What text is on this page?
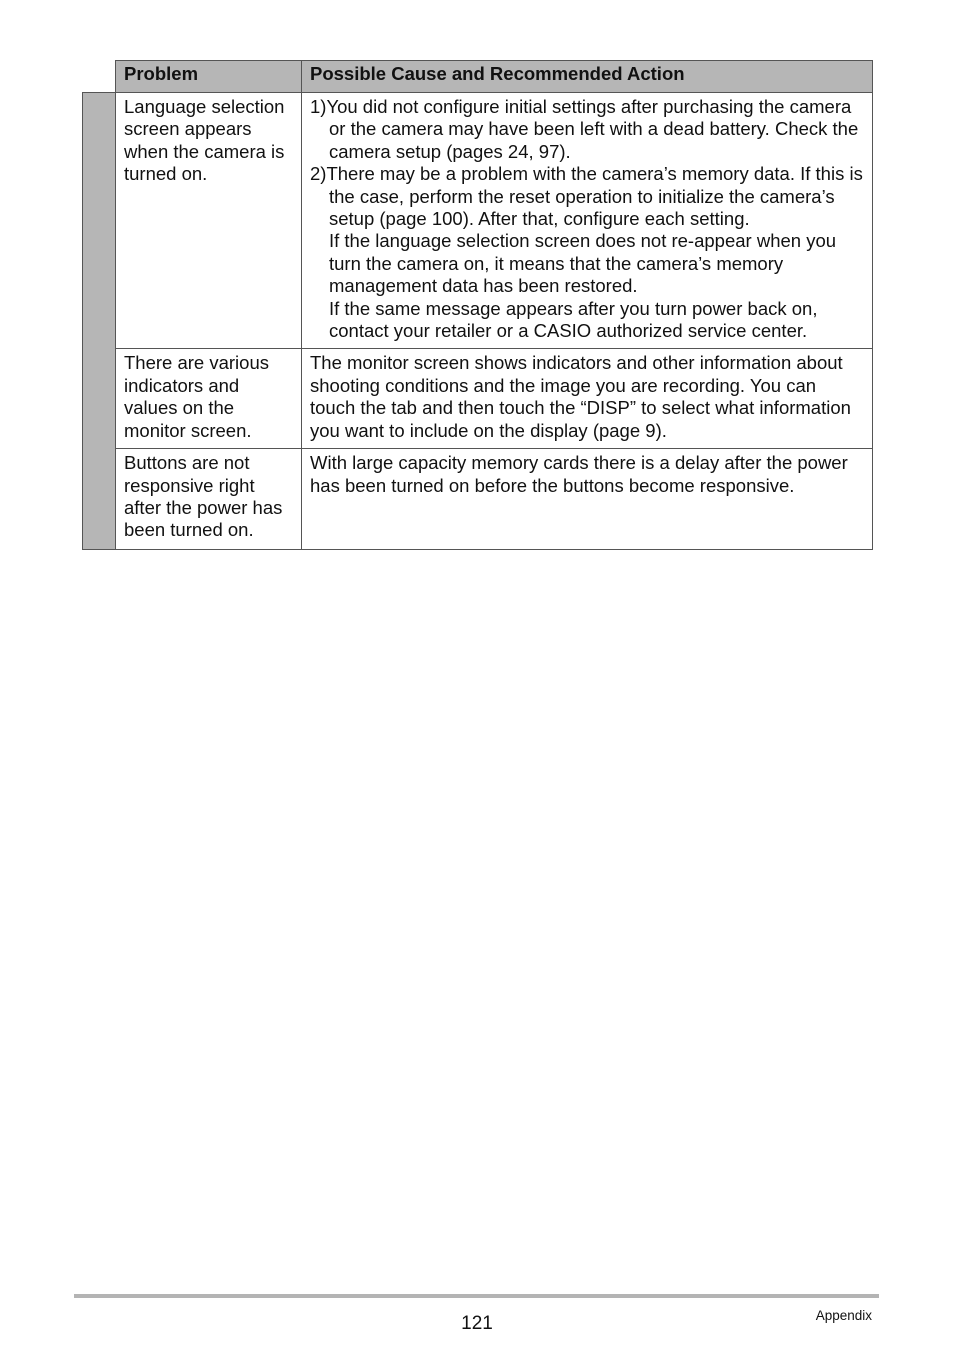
	Problem	Possible Cause and Recommended Action
	Language selection screen appears when the camera is turned on.	1)You did not configure initial settings after purchasing the camera or the camera may have been left with a dead battery. Check the camera setup (pages 24, 97).
2)There may be a problem with the camera’s memory data. If this is the case, perform the reset operation to initialize the camera’s setup (page 100). After that, configure each setting.
If the language selection screen does not re-appear when you turn the camera on, it means that the camera’s memory management data has been restored.
If the same message appears after you turn power back on, contact your retailer or a CASIO authorized service center.

	There are various indicators and values on the monitor screen.	The monitor screen shows indicators and other information about shooting conditions and the image you are recording. You can touch the tab and then touch the “DISP” to select what information you want to include on the display (page 9).
	Buttons are not responsive right after the power has been turned on.	With large capacity memory cards there is a delay after the power has been turned on before the buttons become responsive.
121	Appendix
